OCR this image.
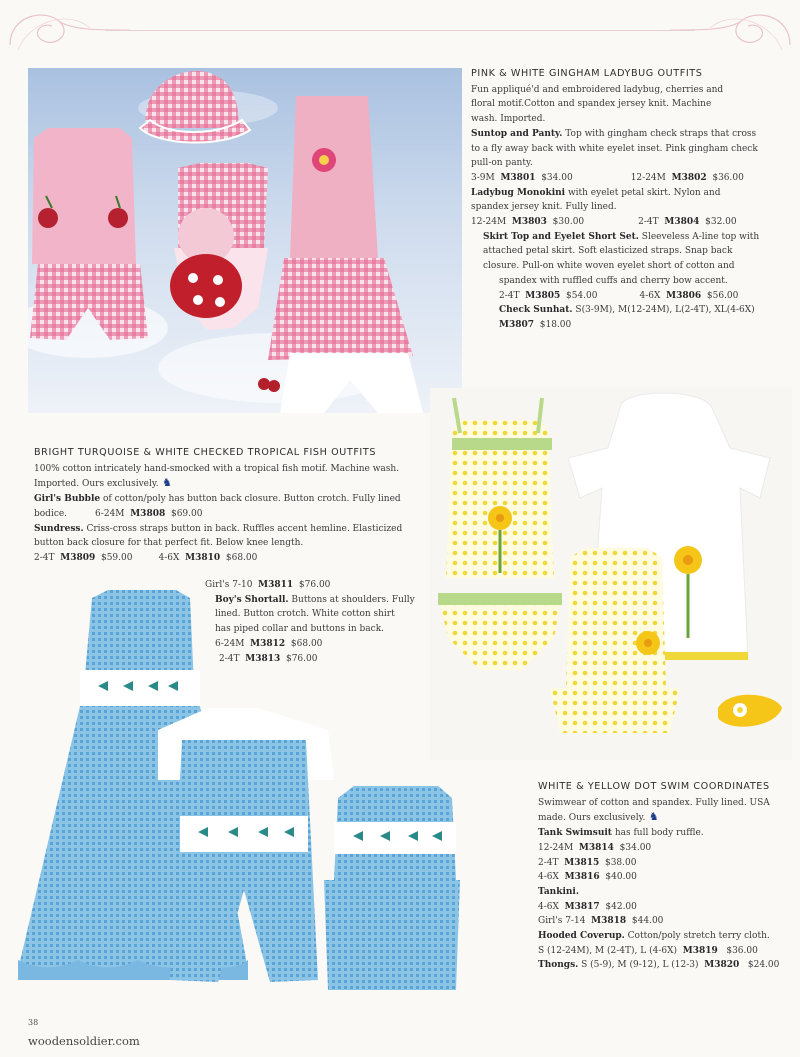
PINK & WHITE GINGHAM LADYBUG OUTFITS

Fun appliqué'd and embroidered ladybug, cherries and

floral motif.Cotton and spandex jersey knit. Machine

wash. Imported.

Suntop and Panty. Top with gingham check straps that cross

to a fly away back with white eyelet inset. Pink gingham check

pull-on panty.

3-9M M3801 $34.00	12-24M M3802 $36.00

Ladybug Monokini with eyelet petal skirt. Nylon and

spandex jersey knit. Fully lined.

12-24M M3803 $30.00	2-4T M3804 $32.00

Skirt Top and Eyelet Short Set. Sleeveless A-line top with

attached petal skirt. Soft elasticized straps. Snap back

closure. Pull-on white woven eyelet short of cotton and

spandex with ruffled cuffs and cherry bow accent.

2-4T M3805 $54.00	4-6X M3806 $56.00

Check Sunhat. S(3-9M), M(12-24M), L(2-4T), XL(4-6X)

M3807 $18.00

BRIGHT TURQUOISE & WHITE CHECKED TROPICAL FISH OUTFITS

100% cotton intricately hand-smocked with a tropical fish motif. Machine wash.

Imported. Ours exclusively. ♞

Girl's Bubble of cotton/poly has button back closure. Button crotch. Fully lined

bodice.	6-24M M3808 $69.00

Sundress. Criss-cross straps button in back. Ruffles accent hemline. Elasticized

button back closure for that perfect fit. Below knee length.

2-4T M3809 $59.00	4-6X M3810 $68.00

Girl's 7-10 M3811 $76.00

Boy's Shortall. Buttons at shoulders. Fully

lined. Button crotch. White cotton shirt

has piped collar and buttons in back.

6-24M M3812 $68.00

2-4T M3813 $76.00

WHITE & YELLOW DOT SWIM COORDINATES

Swimwear of cotton and spandex. Fully lined. USA

made. Ours exclusively. ♞

Tank Swimsuit has full body ruffle.

12-24M M3814 $34.00

2-4T M3815 $38.00

4-6X M3816 $40.00

Tankini.

4-6X M3817 $42.00

Girl's 7-14 M3818 $44.00

Hooded Coverup. Cotton/poly stretch terry cloth.

S (12-24M), M (2-4T), L (4-6X) M3819 $36.00

Thongs. S (5-9), M (9-12), L (12-3) M3820 $24.00

38
woodensoldier.com
